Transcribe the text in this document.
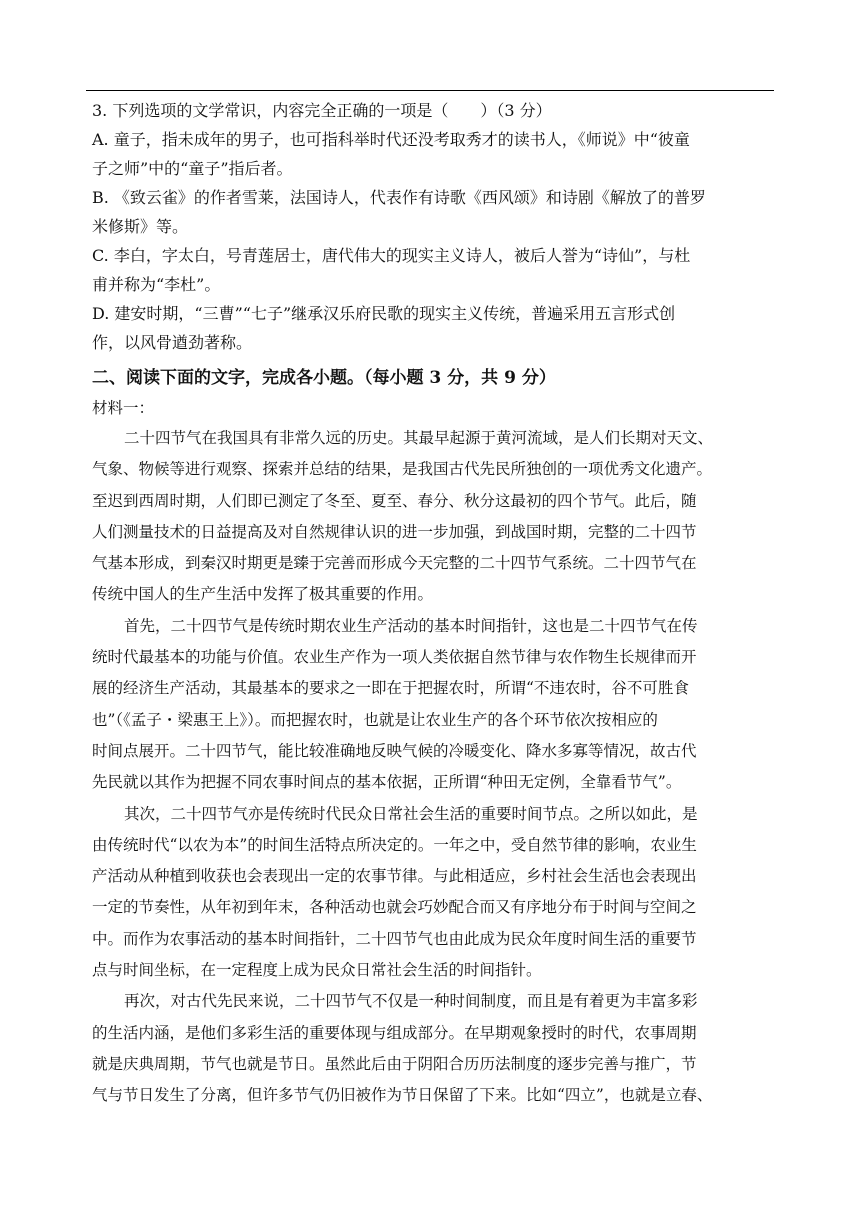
3. 下列选项的文学常识，内容完全正确的一项是（　　）（3 分）
A. 童子，指未成年的男子，也可指科举时代还没考取秀才的读书人，《师说》中“彼童
子之师”中的“童子”指后者。
B. 《致云雀》的作者雪莱，法国诗人，代表作有诗歌《西风颂》和诗剧《解放了的普罗
米修斯》等。
C. 李白，字太白，号青莲居士，唐代伟大的现实主义诗人，被后人誉为“诗仙”，与杜
甫并称为“李杜”。
D. 建安时期，“三曹”“七子”继承汉乐府民歌的现实主义传统，普遍采用五言形式创
作，以风骨遒劲著称。
二、阅读下面的文字，完成各小题。（每小题 3 分，共 9 分）
材料一：
二十四节气在我国具有非常久远的历史。其最早起源于黄河流域，是人们长期对天文、
气象、物候等进行观察、探索并总结的结果，是我国古代先民所独创的一项优秀文化遗产。
至迟到西周时期，人们即已测定了冬至、夏至、春分、秋分这最初的四个节气。此后，随
人们测量技术的日益提高及对自然规律认识的进一步加强，到战国时期，完整的二十四节
气基本形成，到秦汉时期更是臻于完善而形成今天完整的二十四节气系统。二十四节气在
传统中国人的生产生活中发挥了极其重要的作用。
首先，二十四节气是传统时期农业生产活动的基本时间指针，这也是二十四节气在传
统时代最基本的功能与价值。农业生产作为一项人类依据自然节律与农作物生长规律而开
展的经济生产活动，其最基本的要求之一即在于把握农时，所谓“不违农时，谷不可胜食
也”（《孟子・梁惠王上》）。而把握农时，也就是让农业生产的各个环节依次按相应的
时间点展开。二十四节气，能比较准确地反映气候的冷暖变化、降水多寡等情况，故古代
先民就以其作为把握不同农事时间点的基本依据，正所谓“种田无定例，全靠看节气”。
其次，二十四节气亦是传统时代民众日常社会生活的重要时间节点。之所以如此，是
由传统时代“以农为本”的时间生活特点所决定的。一年之中，受自然节律的影响，农业生
产活动从种植到收获也会表现出一定的农事节律。与此相适应，乡村社会生活也会表现出
一定的节奏性，从年初到年末，各种活动也就会巧妙配合而又有序地分布于时间与空间之
中。而作为农事活动的基本时间指针，二十四节气也由此成为民众年度时间生活的重要节
点与时间坐标，在一定程度上成为民众日常社会生活的时间指针。
再次，对古代先民来说，二十四节气不仅是一种时间制度，而且是有着更为丰富多彩
的生活内涵，是他们多彩生活的重要体现与组成部分。在早期观象授时的时代，农事周期
就是庆典周期，节气也就是节日。虽然此后由于阴阳合历历法制度的逐步完善与推广，节
气与节日发生了分离，但许多节气仍旧被作为节日保留了下来。比如“四立”，也就是立春、
